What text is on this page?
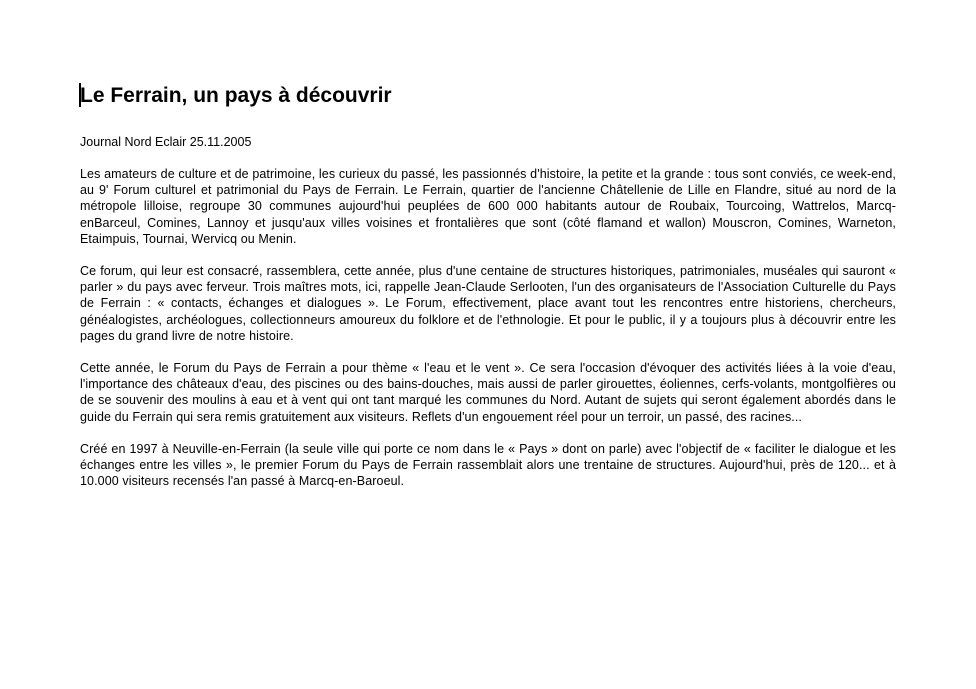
Le Ferrain, un pays à découvrir

Journal Nord Eclair 25.11.2005

Les amateurs de culture et de patrimoine, les curieux du passé, les passionnés d'histoire, la petite et la grande : tous sont conviés, ce week-end, au 9' Forum culturel et patrimonial du Pays de Ferrain. Le Ferrain, quartier de l'ancienne Châtellenie de Lille en Flandre, situé au nord de la métropole lilloise, regroupe 30 communes aujourd'hui peuplées de 600 000 habitants autour de Roubaix, Tourcoing, Wattrelos, Marcq-enBarceul, Comines, Lannoy et jusqu'aux villes voisines et frontalières que sont (côté flamand et wallon) Mouscron, Comines, Warneton, Etaimpuis, Tournai, Wervicq ou Menin.

Ce forum, qui leur est consacré, rassemblera, cette année, plus d'une centaine de structures historiques, patrimoniales, muséales qui sauront « parler » du pays avec ferveur. Trois maîtres mots, ici, rappelle Jean-Claude Serlooten, l'un des organisateurs de l'Association Culturelle du Pays de Ferrain : « contacts, échanges et dialogues ». Le Forum, effectivement, place avant tout les rencontres entre historiens, chercheurs, généalogistes, archéologues, collectionneurs amoureux du folklore et de l'ethnologie. Et pour le public, il y a toujours plus à découvrir entre les pages du grand livre de notre histoire.

Cette année, le Forum du Pays de Ferrain a pour thème « l'eau et le vent ». Ce sera l'occasion d'évoquer des activités liées à la voie d'eau, l'importance des châteaux d'eau, des piscines ou des bains-douches, mais aussi de parler girouettes, éoliennes, cerfs-volants, montgolfières ou de se souvenir des moulins à eau et à vent qui ont tant marqué les communes du Nord. Autant de sujets qui seront également abordés dans le guide du Ferrain qui sera remis gratuitement aux visiteurs. Reflets d'un engouement réel pour un terroir, un passé, des racines...

Créé en 1997 à Neuville-en-Ferrain (la seule ville qui porte ce nom dans le « Pays » dont on parle) avec l'objectif de « faciliter le dialogue et les échanges entre les villes », le premier Forum du Pays de Ferrain rassemblait alors une trentaine de structures. Aujourd'hui, près de 120... et à 10.000 visiteurs recensés l'an passé à Marcq-en-Baroeul.
